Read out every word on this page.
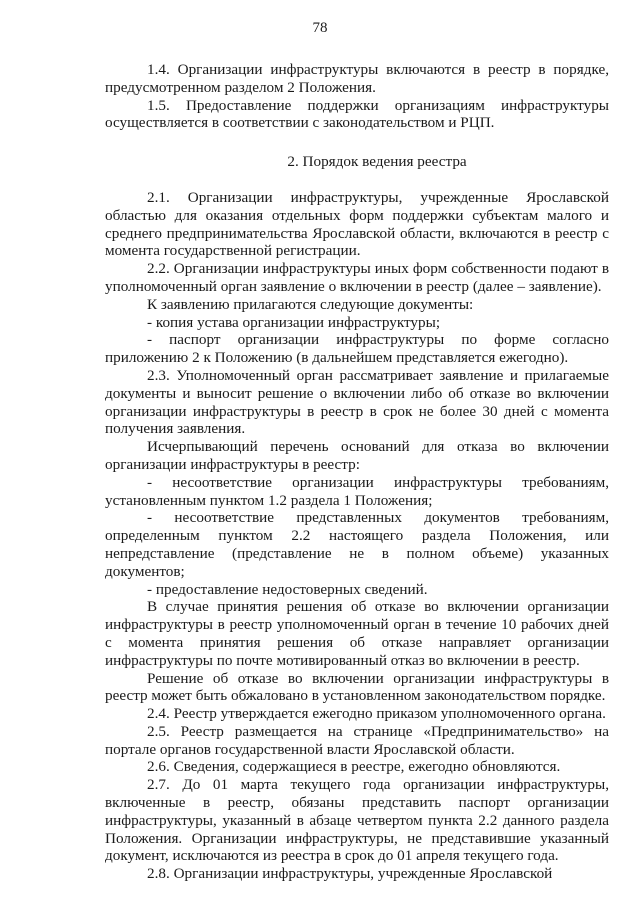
78

1.4. Организации инфраструктуры включаются в реестр в порядке, предусмотренном разделом 2 Положения.

1.5. Предоставление поддержки организациям инфраструктуры осуществляется в соответствии с законодательством и РЦП.

2. Порядок ведения реестра

2.1. Организации инфраструктуры, учрежденные Ярославской областью для оказания отдельных форм поддержки субъектам малого и среднего предпринимательства Ярославской области, включаются в реестр с момента государственной регистрации.

2.2. Организации инфраструктуры иных форм собственности подают в уполномоченный орган заявление о включении в реестр (далее – заявление).

К заявлению прилагаются следующие документы:

- копия устава организации инфраструктуры;

- паспорт организации инфраструктуры по форме согласно приложению 2 к Положению (в дальнейшем представляется ежегодно).

2.3. Уполномоченный орган рассматривает заявление и прилагаемые документы и выносит решение о включении либо об отказе во включении организации инфраструктуры в реестр в срок не более 30 дней с момента получения заявления.

Исчерпывающий перечень оснований для отказа во включении организации инфраструктуры в реестр:

- несоответствие организации инфраструктуры требованиям, установленным пунктом 1.2 раздела 1 Положения;

- несоответствие представленных документов требованиям, определенным пунктом 2.2 настоящего раздела Положения, или непредставление (представление не в полном объеме) указанных документов;

- предоставление недостоверных сведений.

В случае принятия решения об отказе во включении организации инфраструктуры в реестр уполномоченный орган в течение 10 рабочих дней с момента принятия решения об отказе направляет организации инфраструктуры по почте мотивированный отказ во включении в реестр.

Решение об отказе во включении организации инфраструктуры в реестр может быть обжаловано в установленном законодательством порядке.

2.4. Реестр утверждается ежегодно приказом уполномоченного органа.

2.5. Реестр размещается на странице «Предпринимательство» на портале органов государственной власти Ярославской области.

2.6. Сведения, содержащиеся в реестре, ежегодно обновляются.

2.7. До 01 марта текущего года организации инфраструктуры, включенные в реестр, обязаны представить паспорт организации инфраструктуры, указанный в абзаце четвертом пункта 2.2 данного раздела Положения. Организации инфраструктуры, не представившие указанный документ, исключаются из реестра в срок до 01 апреля текущего года.

2.8. Организации инфраструктуры, учрежденные Ярославской
